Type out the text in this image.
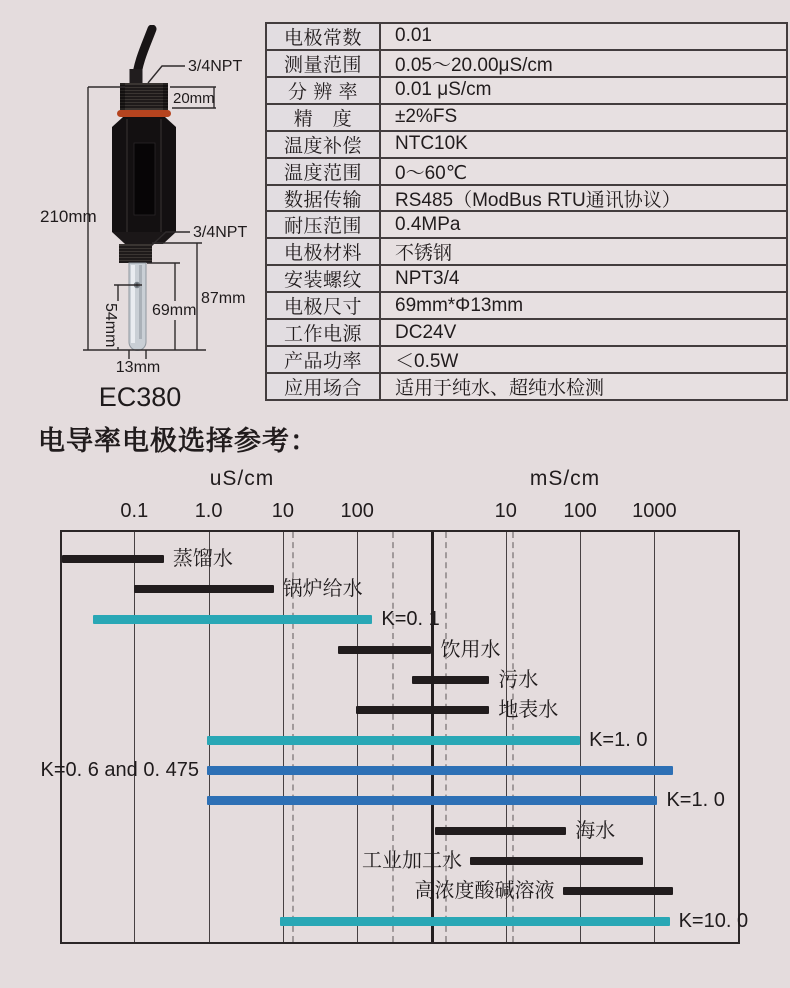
210mm
20mm
3/4NPT
3/4NPT
87mm
69mm
54mm
13mm
EC380
电极常数	0.01
测量范围	0.05～20.00μS/cm
分 辨 率	0.01 μS/cm
精　度	±2%FS
温度补偿	NTC10K
温度范围	0～60℃
数据传输	RS485（ModBus RTU通讯协议）
耐压范围	0.4MPa
电极材料	不锈钢
安装螺纹	NPT3/4
电极尺寸	69mm*Φ13mm
工作电源	DC24V
产品功率	＜0.5W
应用场合	适用于纯水、超纯水检测
电导率电极选择参考：
uS/cm	mS/cm
蒸馏水
锅炉给水
K=0. 1
饮用水
污水
地表水
K=1. 0
K=0. 6 and 0. 475
K=1. 0
海水
工业加工水
高浓度酸碱溶液
K=10. 0
0.1	1.0	10	100	10	100	1000
